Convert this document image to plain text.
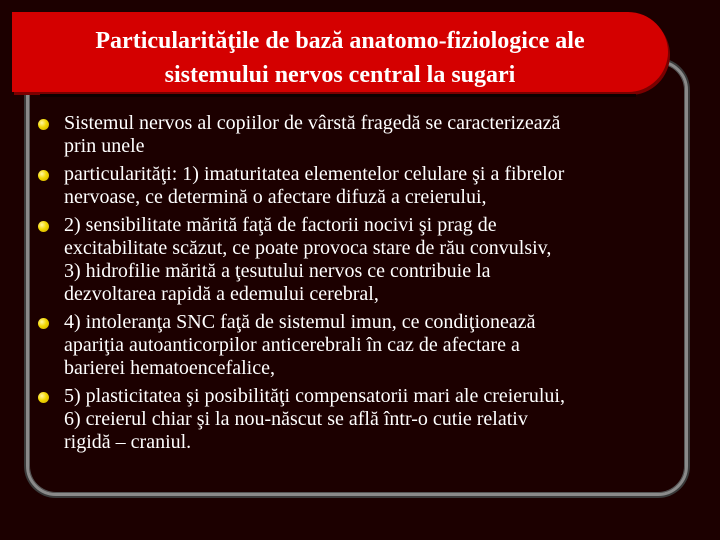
Particularităţile de bază anatomo-fiziologice ale
sistemului nervos central la sugari
Sistemul nervos al copiilor de vârstă fragedă se caracterizează
prin unele
particularităţi: 1) imaturitatea elementelor celulare şi a fibrelor
nervoase, ce determină o afectare difuză a creierului,
2) sensibilitate mărită faţă de factorii nocivi şi prag de
excitabilitate scăzut, ce poate provoca stare de rău convulsiv,
3) hidrofilie mărită a ţesutului nervos ce contribuie la
dezvoltarea rapidă a edemului cerebral,
4) intoleranţa SNC faţă de sistemul imun, ce condiţionează
apariţia autoanticorpilor anticerebrali în caz de afectare a
barierei hematoencefalice,
5) plasticitatea şi posibilităţi compensatorii mari ale creierului,
6) creierul chiar şi la nou-născut se află într-o cutie relativ
rigidă – craniul.
